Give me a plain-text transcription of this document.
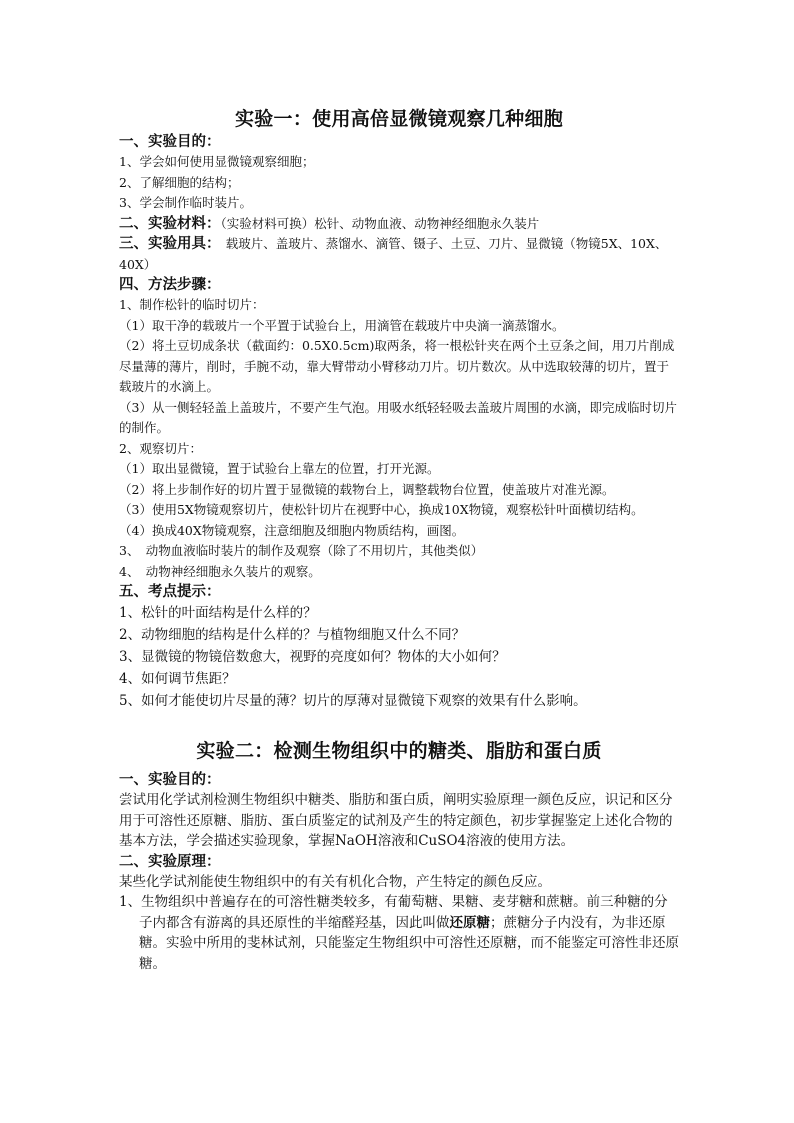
实验一：使用高倍显微镜观察几种细胞
一、实验目的：

1、学会如何使用显微镜观察细胞；

2、了解细胞的结构；

3、学会制作临时装片。

二、实验材料：（实验材料可换）松针、动物血液、动物神经细胞永久装片

三、实验用具：　载玻片、盖玻片、蒸馏水、滴管、镊子、土豆、刀片、显微镜（物镜5X、10X、40X）

四、方法步骤：

1、制作松针的临时切片：

（1）取干净的载玻片一个平置于试验台上，用滴管在载玻片中央滴一滴蒸馏水。

（2）将土豆切成条状（截面约：0.5X0.5cm)取两条，将一根松针夹在两个土豆条之间，用刀片削成尽量薄的薄片，削时，手腕不动，靠大臂带动小臂移动刀片。切片数次。从中选取较薄的切片，置于载玻片的水滴上。

（3）从一侧轻轻盖上盖玻片，不要产生气泡。用吸水纸轻轻吸去盖玻片周围的水滴，即完成临时切片的制作。

2、观察切片：

（1）取出显微镜，置于试验台上靠左的位置，打开光源。

（2）将上步制作好的切片置于显微镜的载物台上，调整载物台位置，使盖玻片对准光源。

（3）使用5X物镜观察切片，使松针切片在视野中心，换成10X物镜，观察松针叶面横切结构。

（4）换成40X物镜观察，注意细胞及细胞内物质结构，画图。

3、　动物血液临时装片的制作及观察（除了不用切片，其他类似）

4、　动物神经细胞永久装片的观察。

五、考点提示：

1、松针的叶面结构是什么样的？

2、动物细胞的结构是什么样的？与植物细胞又什么不同？

3、显微镜的物镜倍数愈大，视野的亮度如何？物体的大小如何？

4、如何调节焦距？

5、如何才能使切片尽量的薄？切片的厚薄对显微镜下观察的效果有什么影响。

实验二：检测生物组织中的糖类、脂肪和蛋白质
一、实验目的：

尝试用化学试剂检测生物组织中糖类、脂肪和蛋白质，阐明实验原理一颜色反应，识记和区分用于可溶性还原糖、脂肪、蛋白质鉴定的试剂及产生的特定颜色，初步掌握鉴定上述化合物的基本方法，学会描述实验现象，掌握NaOH溶液和CuSO4溶液的使用方法。

二、实验原理：

某些化学试剂能使生物组织中的有关有机化合物，产生特定的颜色反应。

1、生物组织中普遍存在的可溶性糖类较多，有葡萄糖、果糖、麦芽糖和蔗糖。前三种糖的分子内都含有游离的具还原性的半缩醛羟基，因此叫做还原糖；蔗糖分子内没有，为非还原糖。实验中所用的斐林试剂，只能鉴定生物组织中可溶性还原糖，而不能鉴定可溶性非还原糖。
